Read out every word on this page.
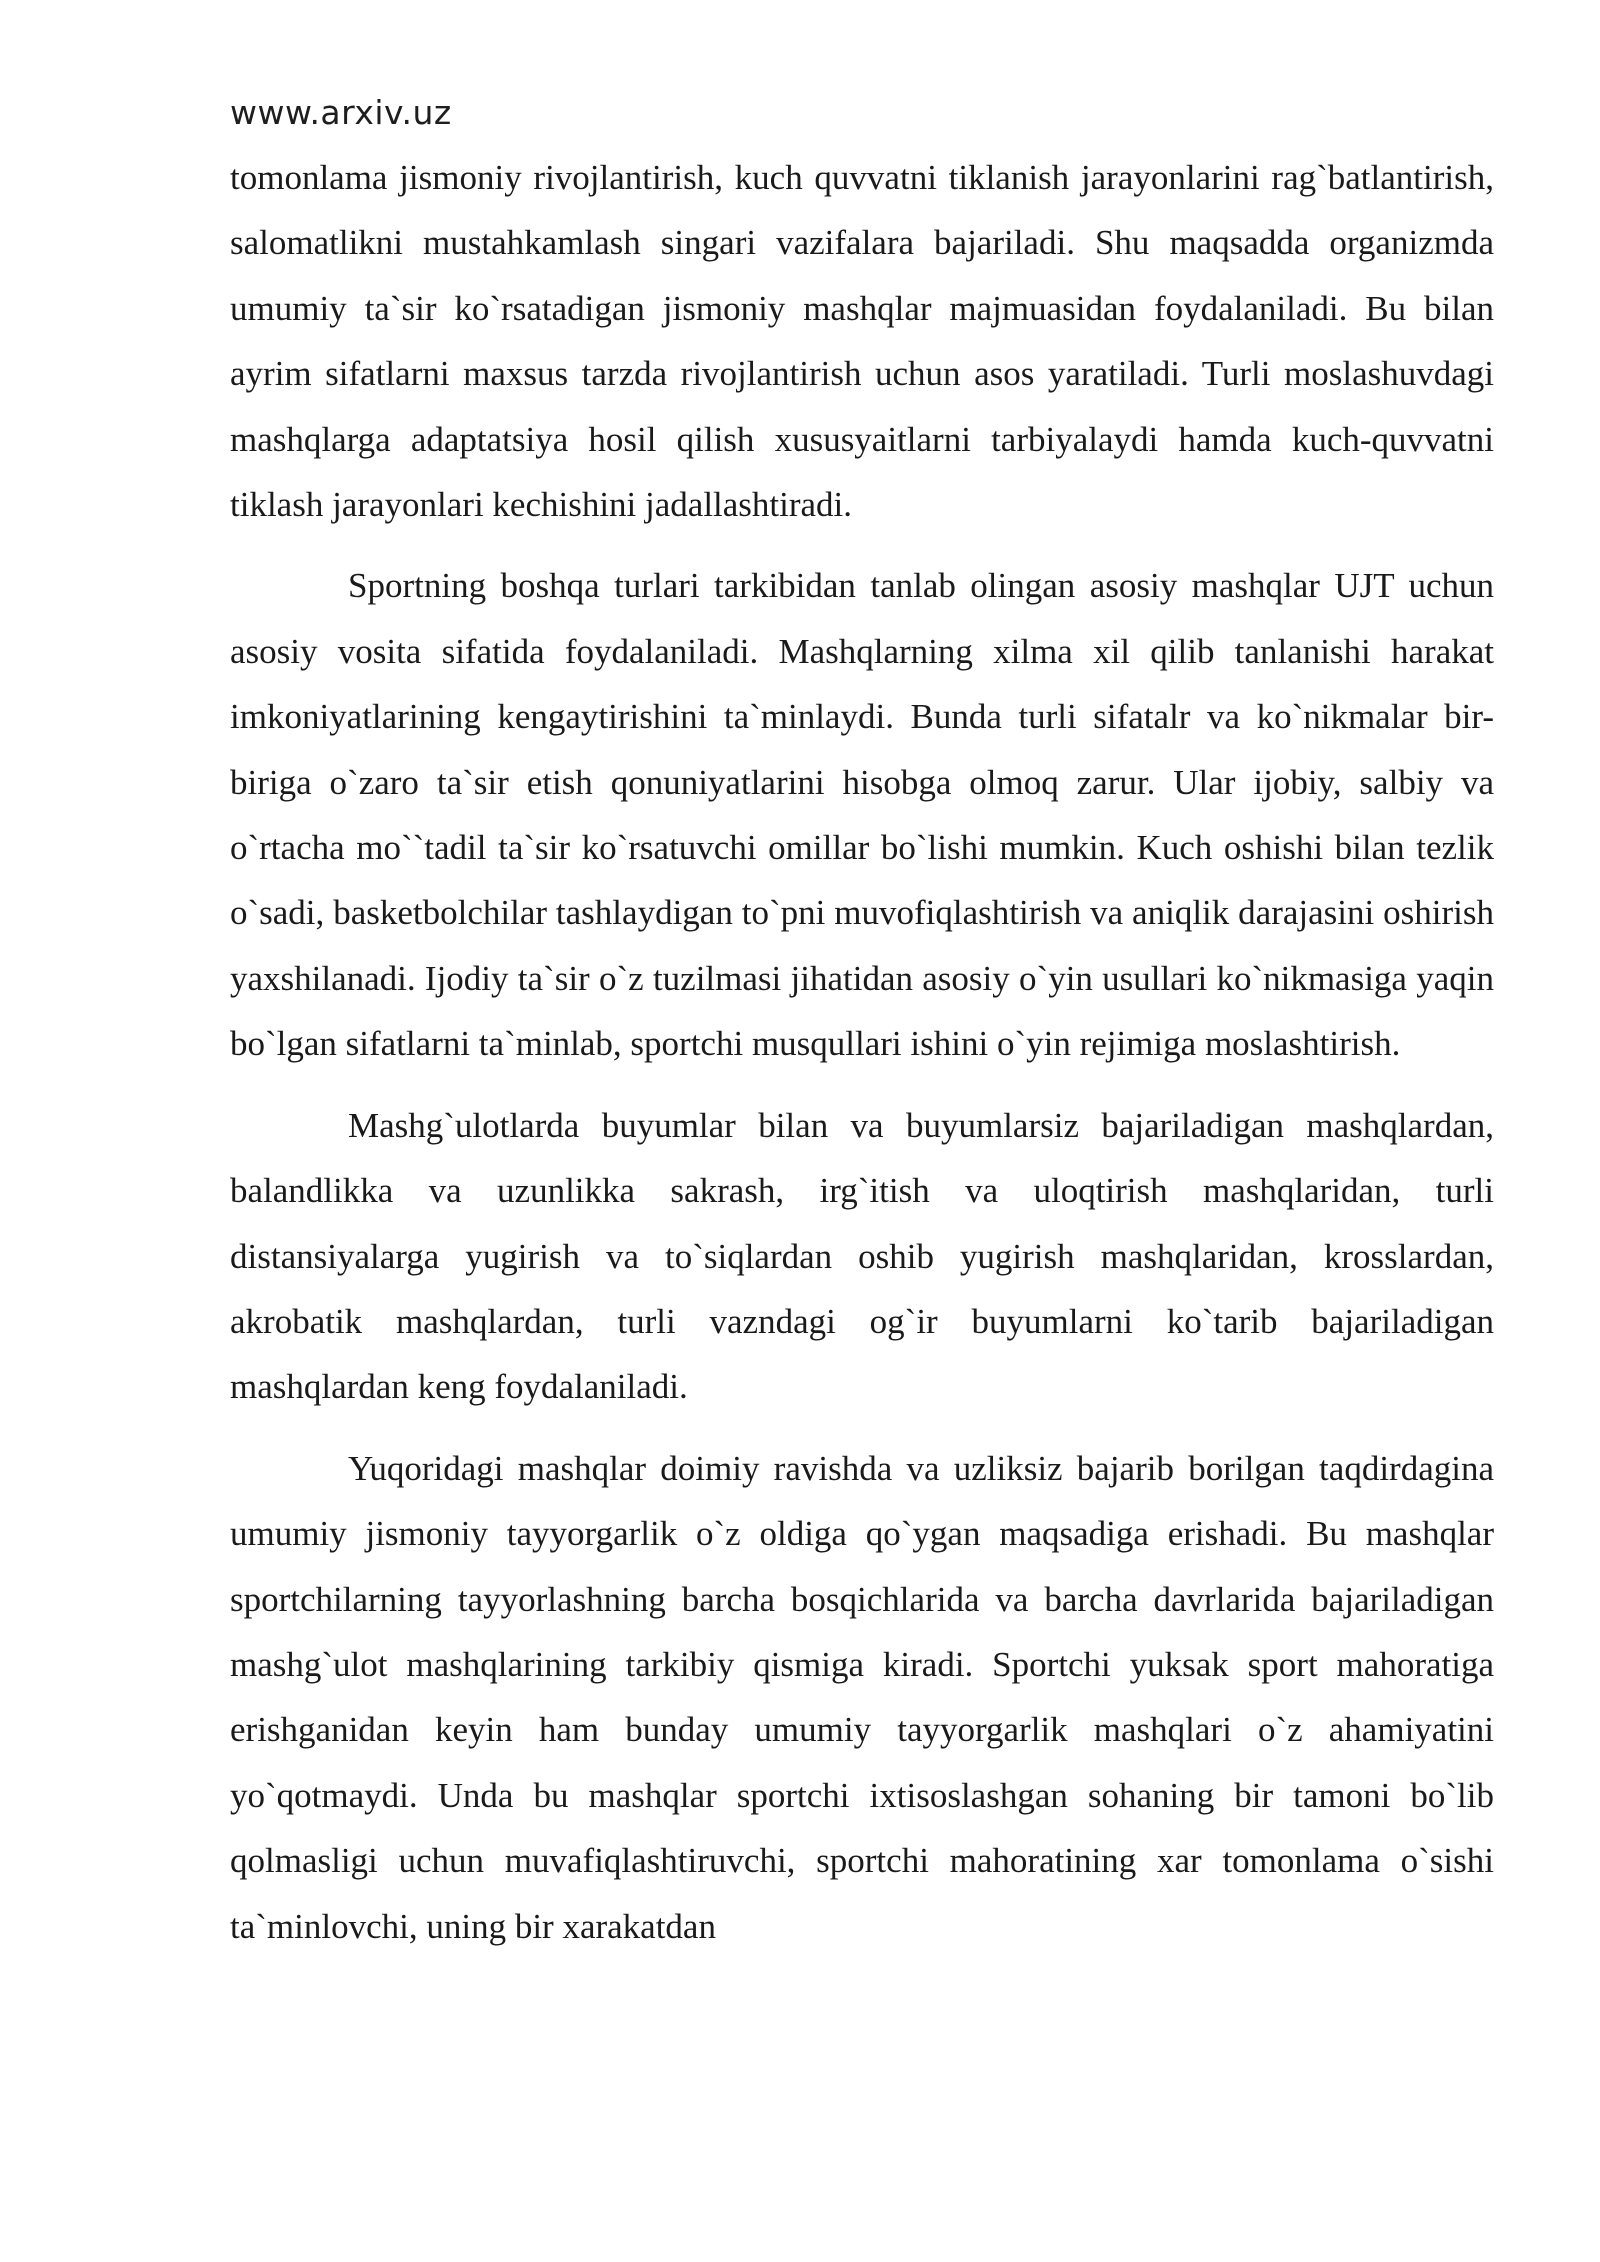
www.arxiv.uz

tomonlama jismoniy rivojlantirish, kuch quvvatni tiklanish jarayonlarini rag`batlantirish, salomatlikni mustahkamlash singari vazifalara bajariladi. Shu maqsadda organizmda umumiy ta`sir ko`rsatadigan jismoniy mashqlar majmuasidan foydalaniladi. Bu bilan ayrim sifatlarni maxsus tarzda rivojlantirish uchun asos yaratiladi. Turli moslashuvdagi mashqlarga adaptatsiya hosil qilish xususyaitlarni tarbiyalaydi hamda kuch-quvvatni tiklash jarayonlari kechishini jadallashtiradi.

Sportning boshqa turlari tarkibidan tanlab olingan asosiy mashqlar UJT uchun asosiy vosita sifatida foydalaniladi. Mashqlarning xilma xil qilib tanlanishi harakat imkoniyatlarining kengaytirishini ta`minlaydi. Bunda turli sifatalr va ko`nikmalar bir-biriga o`zaro ta`sir etish qonuniyatlarini hisobga olmoq zarur. Ular ijobiy, salbiy va o`rtacha mo``tadil ta`sir ko`rsatuvchi omillar bo`lishi mumkin. Kuch oshishi bilan tezlik o`sadi, basketbolchilar tashlaydigan to`pni muvofiqlashtirish va aniqlik darajasini oshirish yaxshilanadi. Ijodiy ta`sir o`z tuzilmasi jihatidan asosiy o`yin usullari ko`nikmasiga yaqin bo`lgan sifatlarni ta`minlab, sportchi musqullari ishini o`yin rejimiga moslashtirish.

Mashg`ulotlarda buyumlar bilan va buyumlarsiz bajariladigan mashqlardan, balandlikka va uzunlikka sakrash, irg`itish va uloqtirish mashqlaridan, turli distansiyalarga yugirish va to`siqlardan oshib yugirish mashqlaridan, krosslardan, akrobatik mashqlardan, turli vazndagi og`ir buyumlarni ko`tarib bajariladigan mashqlardan keng foydalaniladi.

Yuqoridagi mashqlar doimiy ravishda va uzliksiz bajarib borilgan taqdirdagina umumiy jismoniy tayyorgarlik o`z oldiga qo`ygan maqsadiga erishadi. Bu mashqlar sportchilarning tayyorlashning barcha bosqichlarida va barcha davrlarida bajariladigan mashg`ulot mashqlarining tarkibiy qismiga kiradi. Sportchi yuksak sport mahoratiga erishganidan keyin ham bunday umumiy tayyorgarlik mashqlari o`z ahamiyatini yo`qotmaydi. Unda bu mashqlar sportchi ixtisoslashgan sohaning bir tamoni bo`lib qolmasligi uchun muvafiqlashtiruvchi, sportchi mahoratining xar tomonlama o`sishi ta`minlovchi, uning bir xarakatdan
